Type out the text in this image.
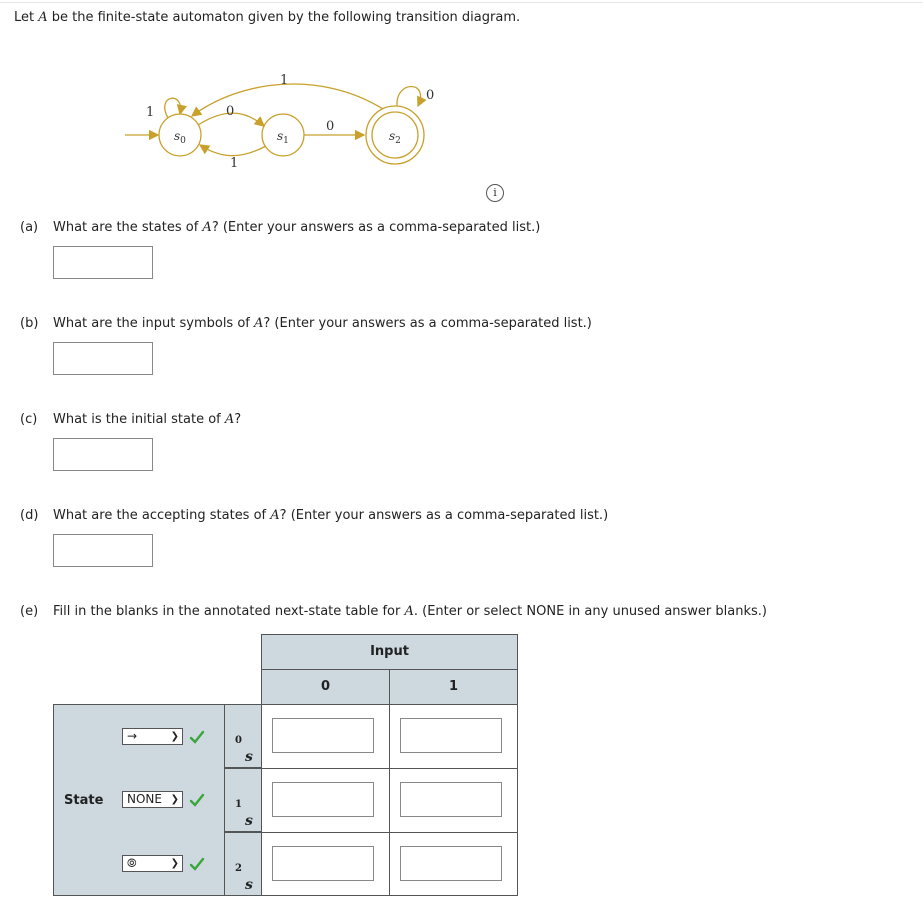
Let A be the finite-state automaton given by the following transition diagram.
1	0
1
0
1
0
$s_0$	$s_1$	$s_2$
i
(a) What are the states of A? (Enter your answers as a comma-separated list.)
(b) What are the input symbols of A? (Enter your answers as a comma-separated list.)
(c) What is the initial state of A?
(d) What are the accepting states of A? (Enter your answers as a comma-separated list.)
(e) Fill in the blanks in the annotated next-state table for A. (Enter or select NONE in any unused answer blanks.)
Input
0	1
State
→	❯
s
$_0$
NONE ❯
s
$_1$
⦾	❯
s
$_2$
